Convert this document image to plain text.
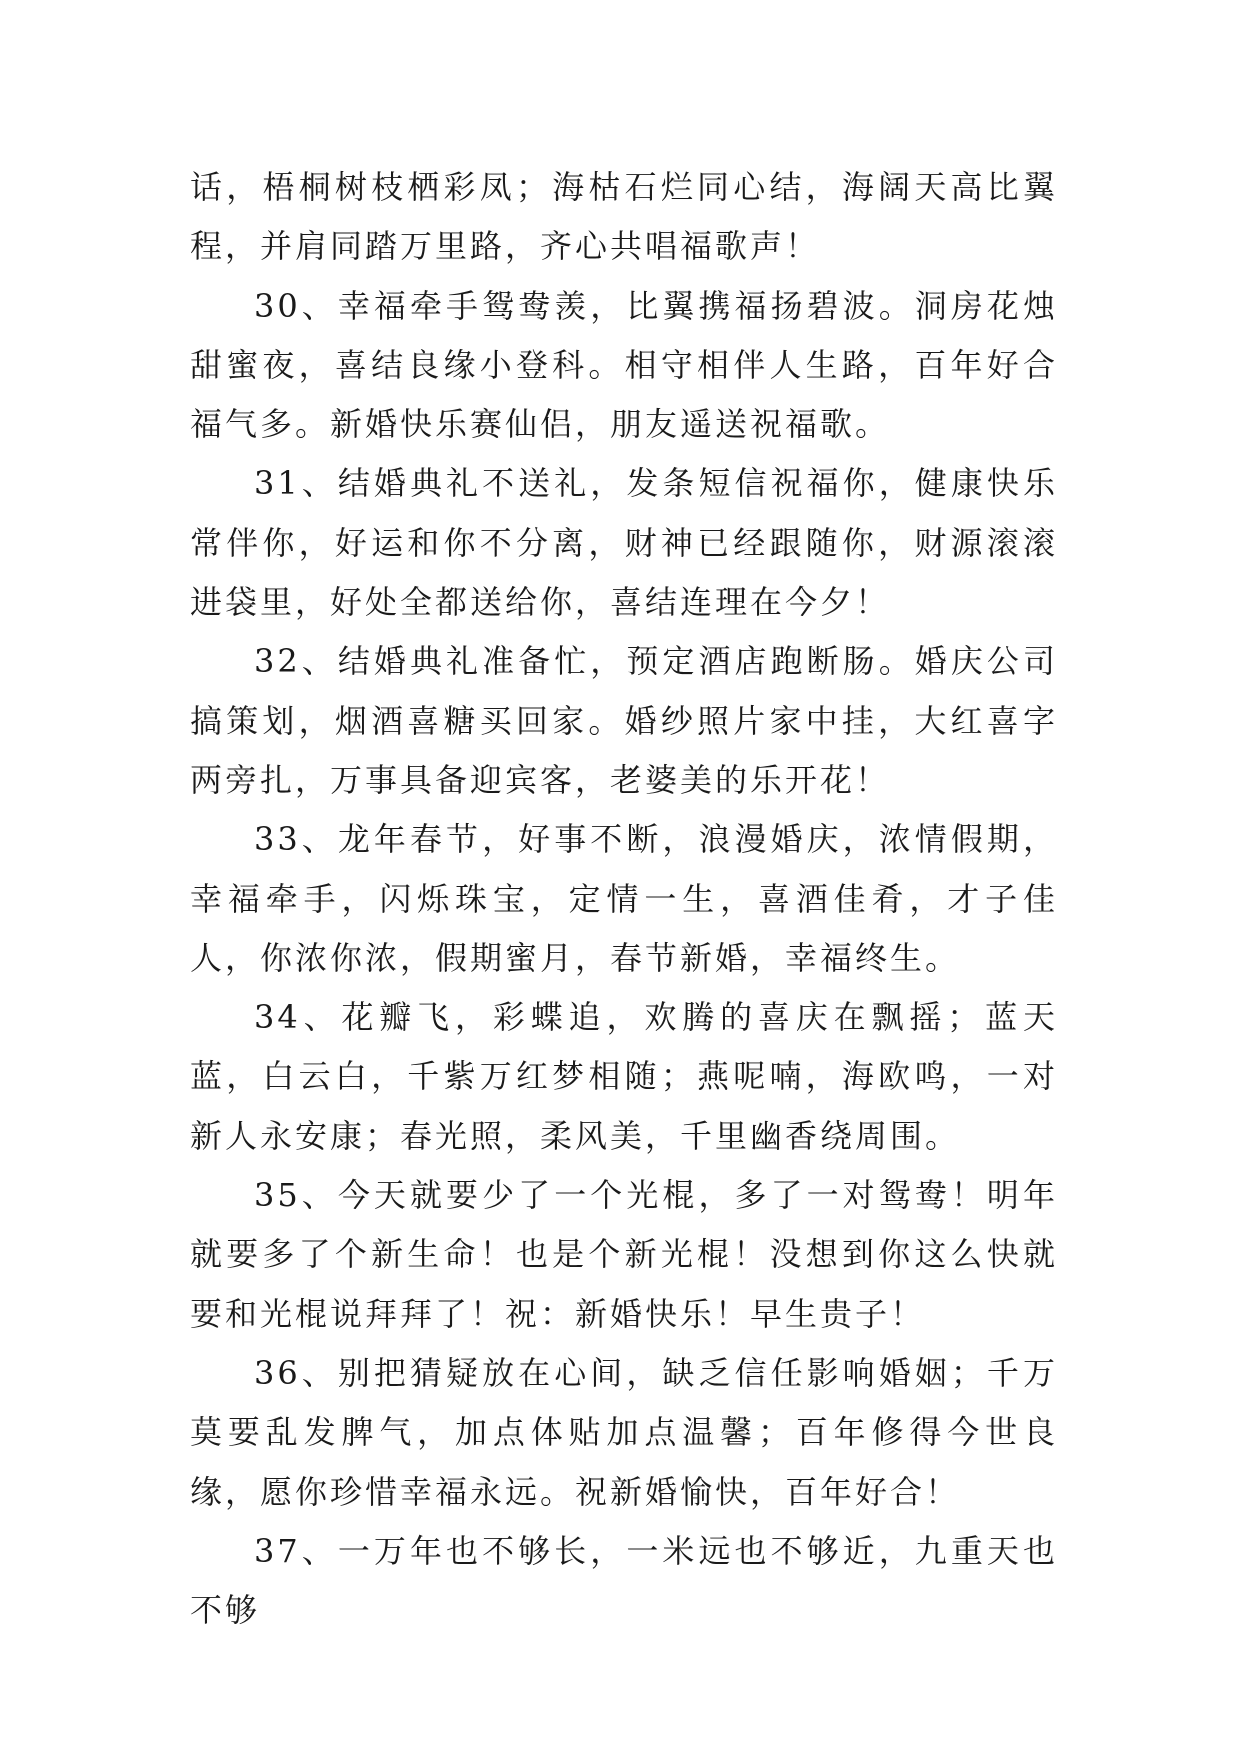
话，梧桐树枝栖彩凤；海枯石烂同心结，海阔天高比翼程，并肩同踏万里路，齐心共唱福歌声！

30、幸福牵手鸳鸯羡，比翼携福扬碧波。洞房花烛甜蜜夜，喜结良缘小登科。相守相伴人生路，百年好合福气多。新婚快乐赛仙侣，朋友遥送祝福歌。

31、结婚典礼不送礼，发条短信祝福你，健康快乐常伴你，好运和你不分离，财神已经跟随你，财源滚滚进袋里，好处全都送给你，喜结连理在今夕！

32、结婚典礼准备忙，预定酒店跑断肠。婚庆公司搞策划，烟酒喜糖买回家。婚纱照片家中挂，大红喜字两旁扎，万事具备迎宾客，老婆美的乐开花！

33、龙年春节，好事不断，浪漫婚庆，浓情假期，幸福牵手，闪烁珠宝，定情一生，喜酒佳肴，才子佳人，你浓你浓，假期蜜月，春节新婚，幸福终生。

34、花瓣飞，彩蝶追，欢腾的喜庆在飘摇；蓝天蓝，白云白，千紫万红梦相随；燕呢喃，海欧鸣，一对新人永安康；春光照，柔风美，千里幽香绕周围。

35、今天就要少了一个光棍，多了一对鸳鸯！明年就要多了个新生命！也是个新光棍！没想到你这么快就要和光棍说拜拜了！祝：新婚快乐！早生贵子！

36、别把猜疑放在心间，缺乏信任影响婚姻；千万莫要乱发脾气，加点体贴加点温馨；百年修得今世良缘，愿你珍惜幸福永远。祝新婚愉快，百年好合！

37、一万年也不够长，一米远也不够近，九重天也不够
